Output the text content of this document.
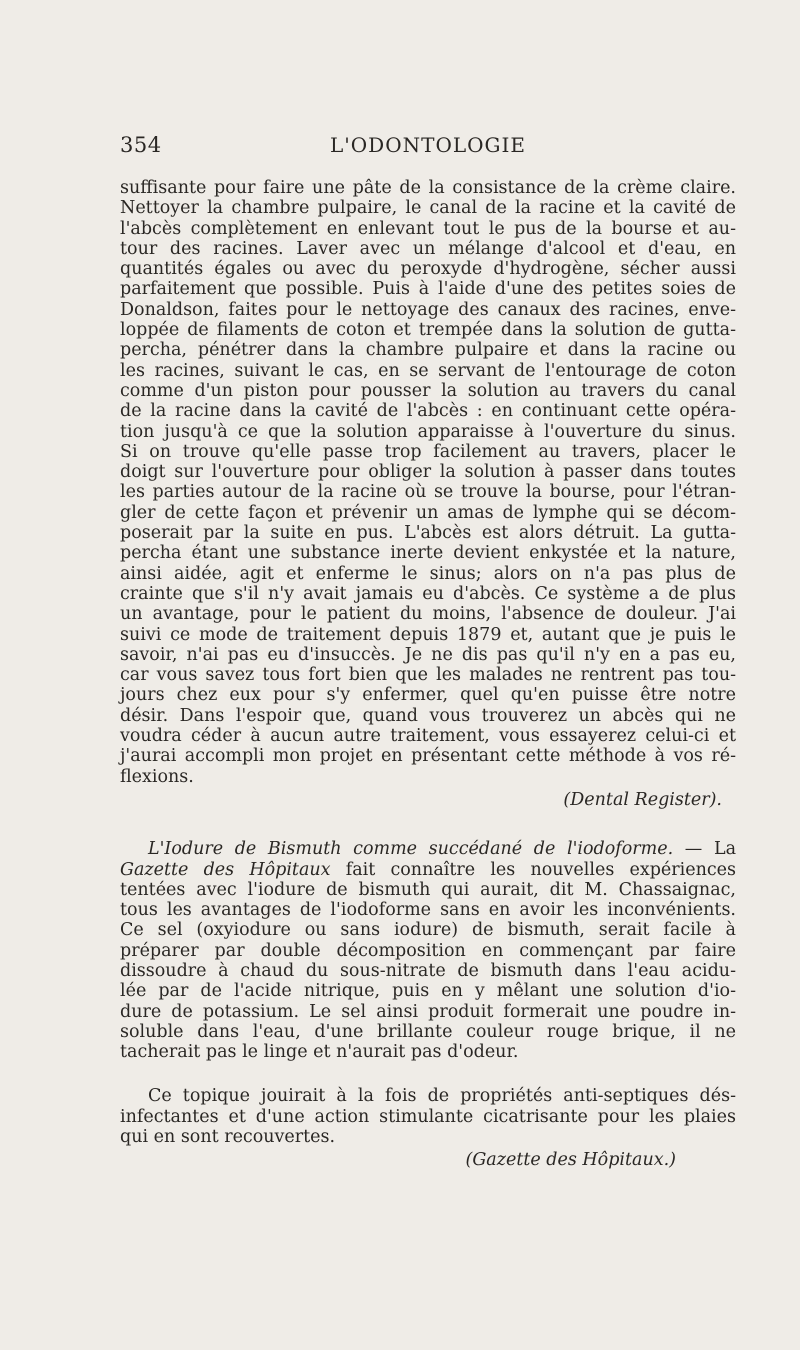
354	L'ODONTOLOGIE
suffisante pour faire une pâte de la consistance de la crème claire.
Nettoyer la chambre pulpaire, le canal de la racine et la cavité de
l'abcès complètement en enlevant tout le pus de la bourse et au-
tour des racines. Laver avec un mélange d'alcool et d'eau, en
quantités égales ou avec du peroxyde d'hydrogène, sécher aussi
parfaitement que possible. Puis à l'aide d'une des petites soies de
Donaldson, faites pour le nettoyage des canaux des racines, enve-
loppée de filaments de coton et trempée dans la solution de gutta-
percha, pénétrer dans la chambre pulpaire et dans la racine ou
les racines, suivant le cas, en se servant de l'entourage de coton
comme d'un piston pour pousser la solution au travers du canal
de la racine dans la cavité de l'abcès : en continuant cette opéra-
tion jusqu'à ce que la solution apparaisse à l'ouverture du sinus.
Si on trouve qu'elle passe trop facilement au travers, placer le
doigt sur l'ouverture pour obliger la solution à passer dans toutes
les parties autour de la racine où se trouve la bourse, pour l'étran-
gler de cette façon et prévenir un amas de lymphe qui se décom-
poserait par la suite en pus. L'abcès est alors détruit. La gutta-
percha étant une substance inerte devient enkystée et la nature,
ainsi aidée, agit et enferme le sinus; alors on n'a pas plus de
crainte que s'il n'y avait jamais eu d'abcès. Ce système a de plus
un avantage, pour le patient du moins, l'absence de douleur. J'ai
suivi ce mode de traitement depuis 1879 et, autant que je puis le
savoir, n'ai pas eu d'insuccès. Je ne dis pas qu'il n'y en a pas eu,
car vous savez tous fort bien que les malades ne rentrent pas tou-
jours chez eux pour s'y enfermer, quel qu'en puisse être notre
désir. Dans l'espoir que, quand vous trouverez un abcès qui ne
voudra céder à aucun autre traitement, vous essayerez celui-ci et
j'aurai accompli mon projet en présentant cette méthode à vos ré-
flexions.
(Dental Register).
L'Iodure de Bismuth comme succédané de l'iodoforme. — La
Gazette des Hôpitaux fait connaître les nouvelles expériences
tentées avec l'iodure de bismuth qui aurait, dit M. Chassaignac,
tous les avantages de l'iodoforme sans en avoir les inconvénients.
Ce sel (oxyiodure ou sans iodure) de bismuth, serait facile à
préparer par double décomposition en commençant par faire
dissoudre à chaud du sous-nitrate de bismuth dans l'eau acidu-
lée par de l'acide nitrique, puis en y mêlant une solution d'io-
dure de potassium. Le sel ainsi produit formerait une poudre in-
soluble dans l'eau, d'une brillante couleur rouge brique, il ne
tacherait pas le linge et n'aurait pas d'odeur.
Ce topique jouirait à la fois de propriétés anti-septiques dés-
infectantes et d'une action stimulante cicatrisante pour les plaies
qui en sont recouvertes.
(Gazette des Hôpitaux.)
